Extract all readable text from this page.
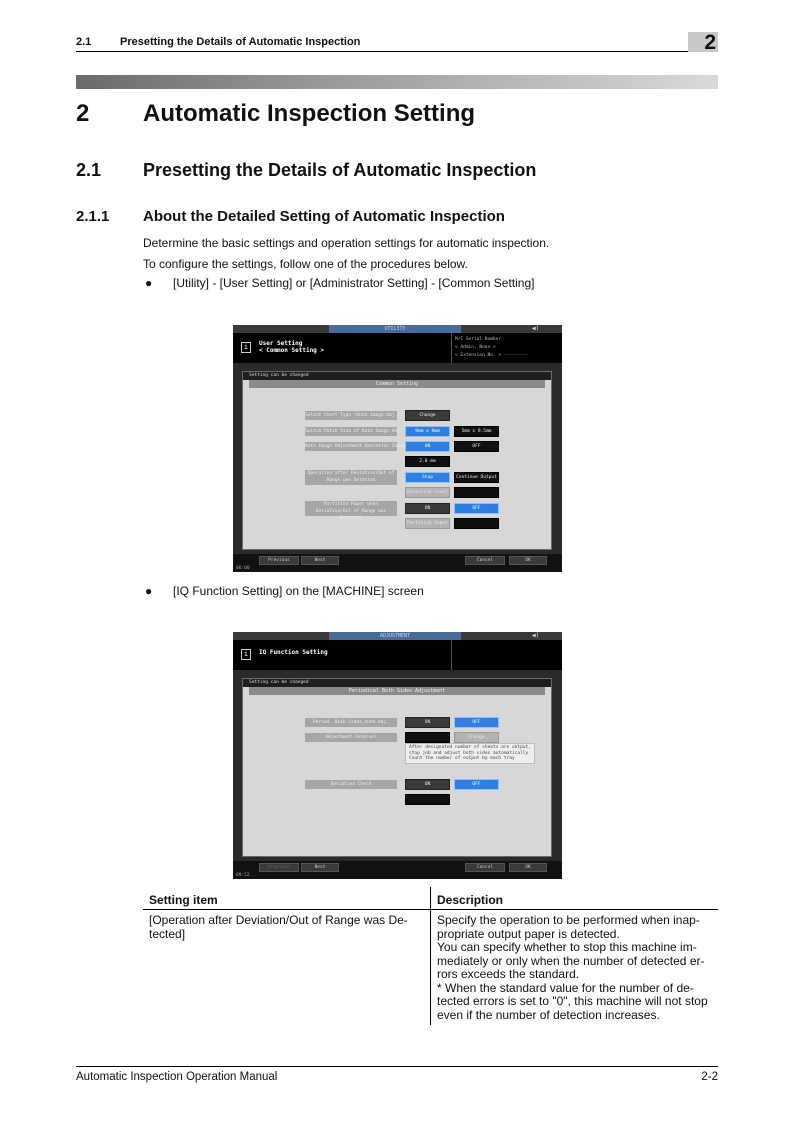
2.1	Presetting the Details of Automatic Inspection	2
2 Automatic Inspection Setting
2.1 Presetting the Details of Automatic Inspection
2.1.1 About the Detailed Setting of Automatic Inspection
Determine the basic settings and operation settings for automatic inspection.
To configure the settings, follow one of the procedures below.
● [Utility] - [User Setting] or [Administrator Setting] - [Common Setting]
UTILITY	◀)
i	User Setting
< Common Setting >
M/C Serial Number
< Admin. None >
< Extension No. > ---------
Setting can be changed
Common Setting
Select Chart Type (Auto Image Adj.)	Change
Switch Patch Size of Auto Image Adj.	9mm x 9mm	5mm x 9.5mm
Auto Image Adjustment Deviation Check	ON	OFF
2.0 mm
Operation after Deviation/Out of Range was Detected
Stop	Continue Output
Detection Count
Partition Paper when Deviation/Out of Range was Detected
ON	OFF
Partition Paper
Previous	Next	Cancel	OK
06:00
● [IQ Function Setting] on the [MACHINE] screen
ADJUSTMENT	◀)
i	IQ Function Setting
Setting can be changed
Periodical Both Sides Adjustment
Period. Both Sides Auto Adj.	ON	OFF
Adjustment Interval	Change
After designated number of sheets are output, stop job and adjust both sides automatically Count the number of output by each tray
Deviation Check	ON	OFF
Previous	Next	Cancel	OK
09:52
Setting item	Description
[Operation after Deviation/Out of Range was De-
tected]
Specify the operation to be performed when inap-
propriate output paper is detected.
You can specify whether to stop this machine im-
mediately or only when the number of detected er-
rors exceeds the standard.
* When the standard value for the number of de-
tected errors is set to "0", this machine will not stop
even if the number of detection increases.
Automatic Inspection Operation Manual	2-2
